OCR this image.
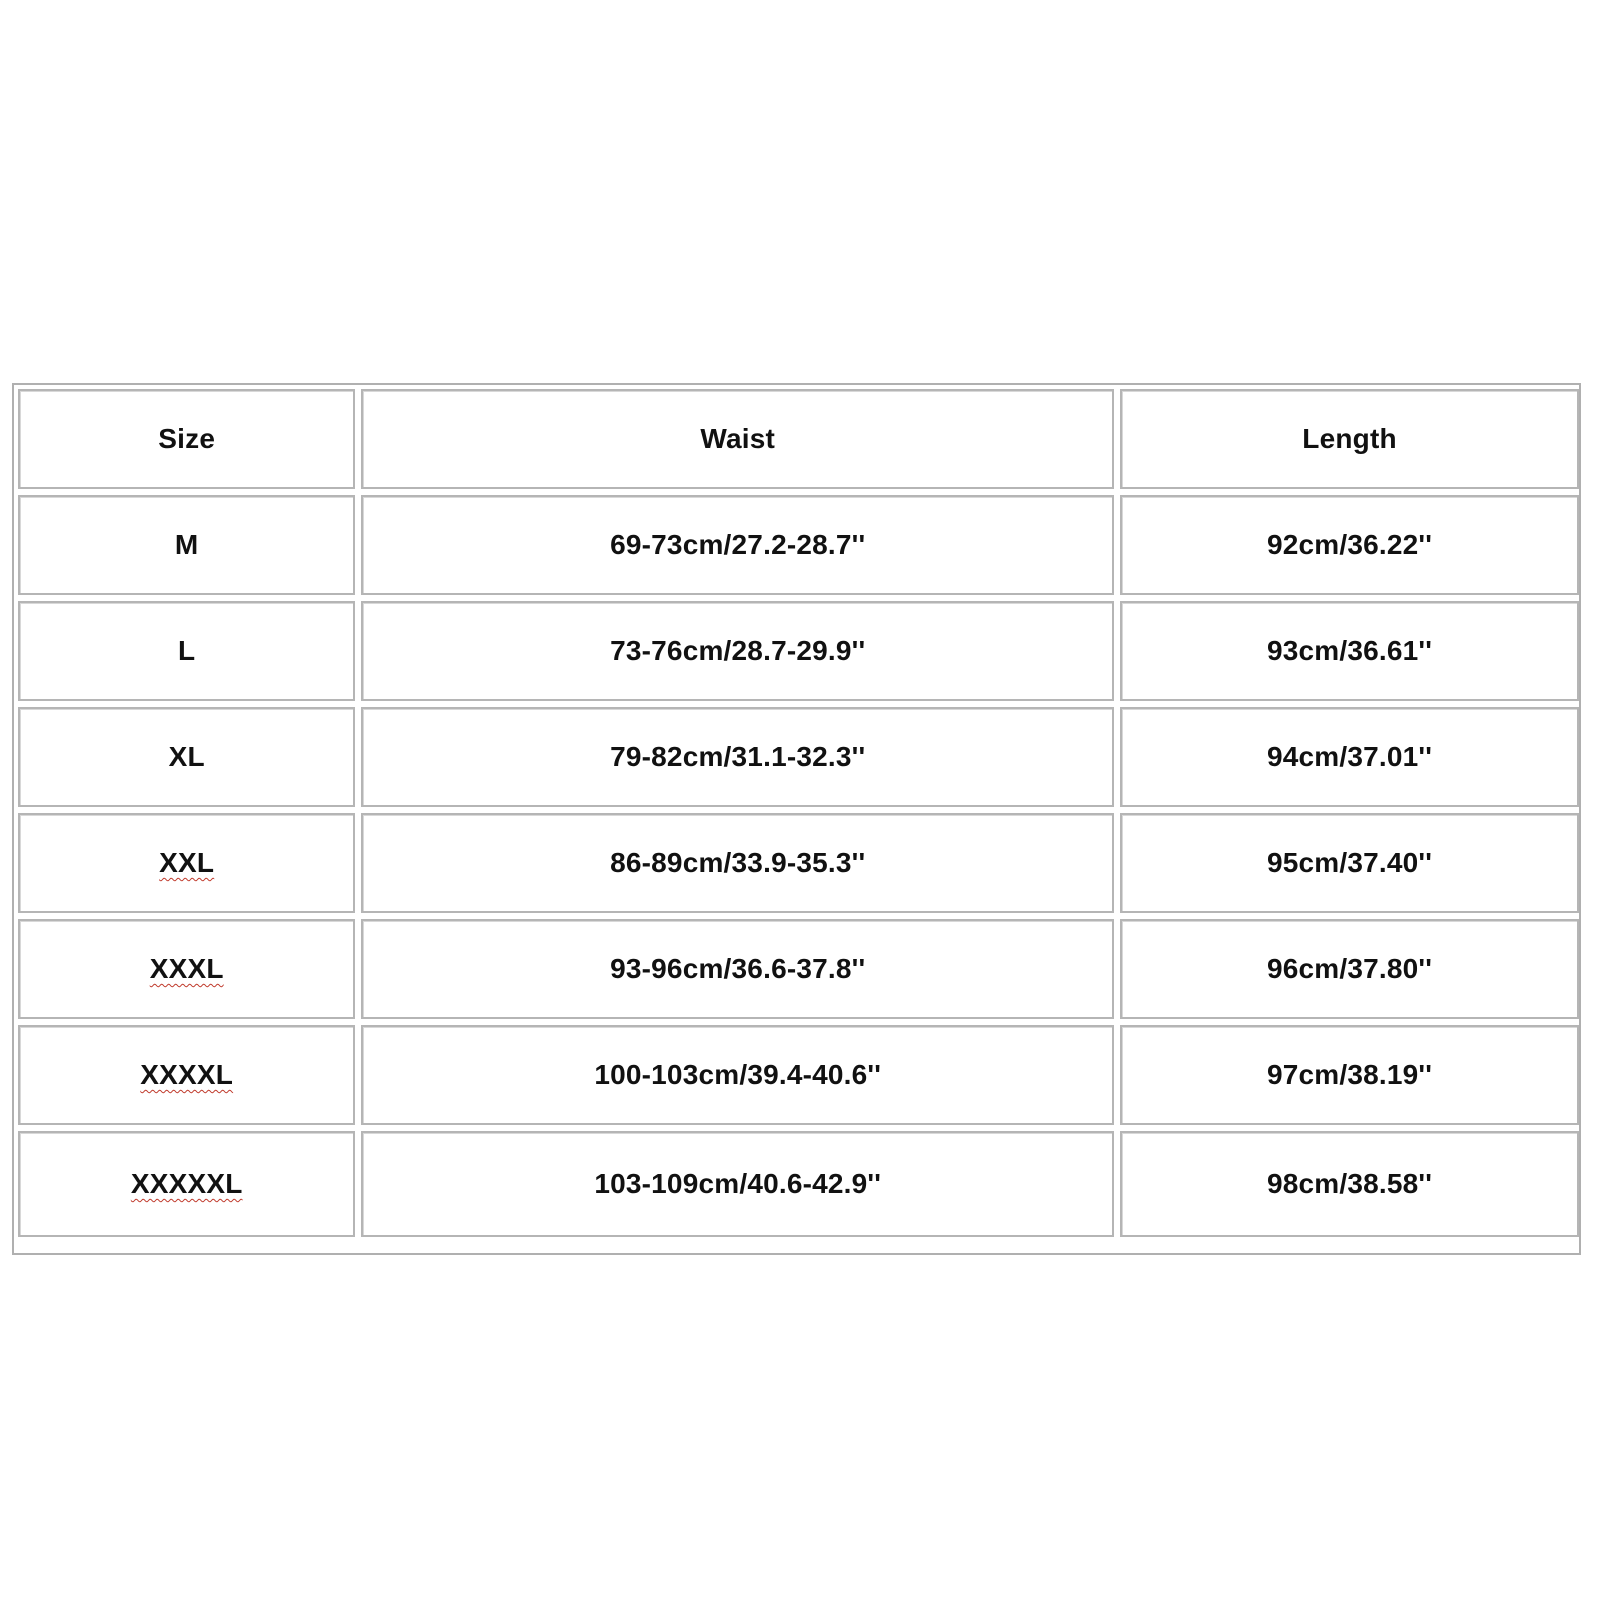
Size	Waist	Length
M	69-73cm/27.2-28.7''	92cm/36.22''
L	73-76cm/28.7-29.9''	93cm/36.61''
XL	79-82cm/31.1-32.3''	94cm/37.01''
XXL	86-89cm/33.9-35.3''	95cm/37.40''
XXXL	93-96cm/36.6-37.8''	96cm/37.80''
XXXXL	100-103cm/39.4-40.6''	97cm/38.19''
XXXXXL	103-109cm/40.6-42.9''	98cm/38.58''
